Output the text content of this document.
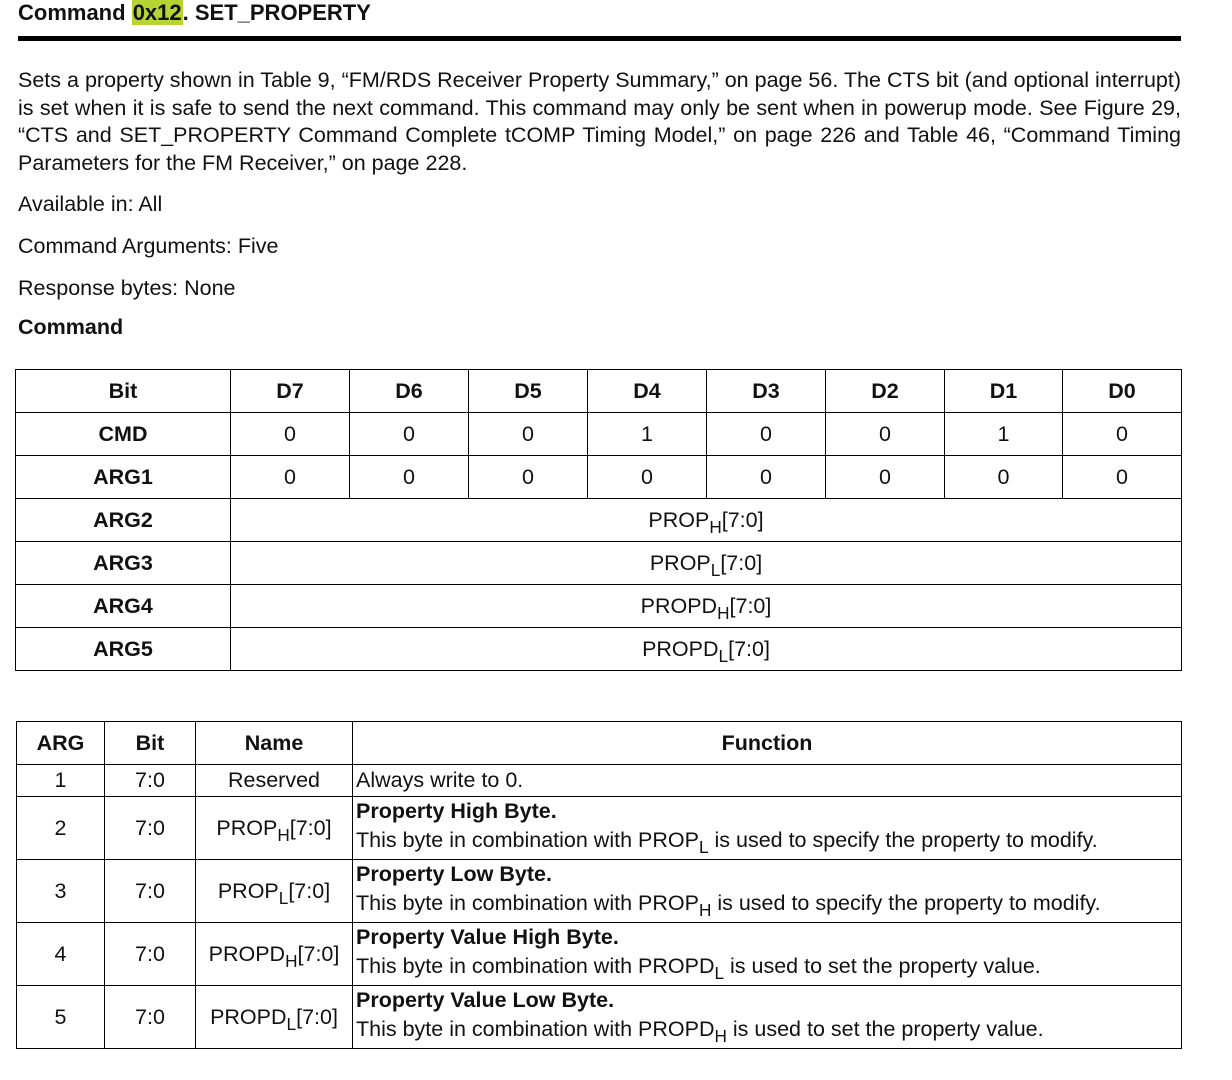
Command 0x12. SET_PROPERTY

Sets a property shown in Table 9, “FM/RDS Receiver Property Summary,” on page 56. The CTS bit (and optional interrupt) is set when it is safe to send the next command. This command may only be sent when in powerup mode. See Figure 29, “CTS and SET_PROPERTY Command Complete tCOMP Timing Model,” on page 226 and Table 46, “Command Timing Parameters for the FM Receiver,” on page 228.

Available in: All

Command Arguments: Five

Response bytes: None

Command
Bit	D7	D6	D5	D4	D3	D2	D1	D0
CMD	0	0	0	1	0	0	1	0
ARG1	0	0	0	0	0	0	0	0
ARG2	$PROP_H[7:0]$							
ARG3	$PROP_L[7:0]$							
ARG4	$PROPD_H[7:0]$							
ARG5	$PROPD_L[7:0]$							
ARG	Bit	Name	Function
1	7:0	Reserved	Always write to 0.
2	7:0	$PROP_H[7:0]$	Property High Byte.
This byte in combination with $PROP_L$ is used to specify the property to modify.
3	7:0	$PROP_L[7:0]$	Property Low Byte.
This byte in combination with $PROP_H$ is used to specify the property to modify.
4	7:0	$PROPD_H[7:0]$	Property Value High Byte.
This byte in combination with $PROPD_L$ is used to set the property value.
5	7:0	$PROPD_L[7:0]$	Property Value Low Byte.
This byte in combination with $PROPD_H$ is used to set the property value.
